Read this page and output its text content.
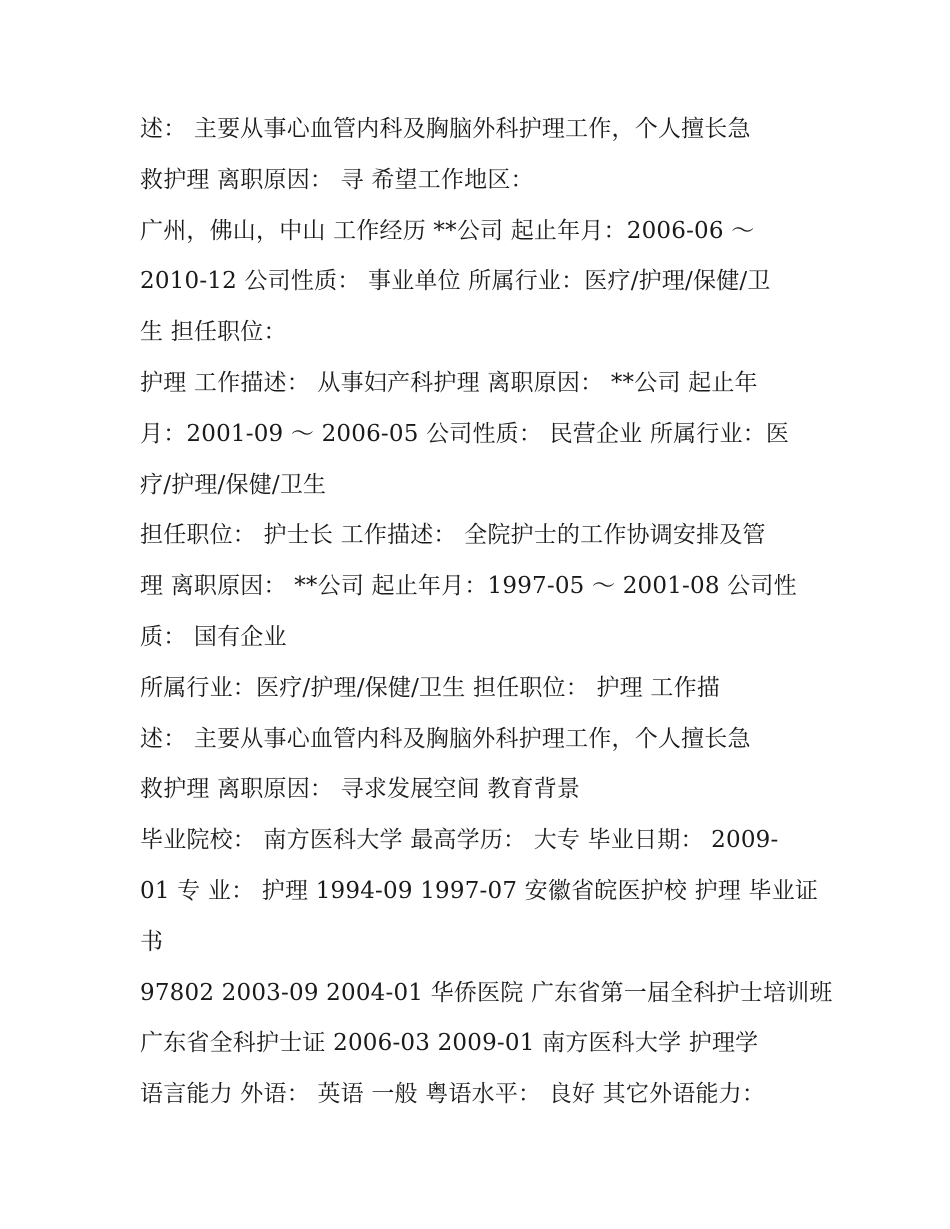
述： 主要从事心血管内科及胸脑外科护理工作，个人擅长急
救护理 离职原因： 寻 希望工作地区：
广州，佛山，中山 工作经历 **公司 起止年月：2006-06 ～
2010-12 公司性质： 事业单位 所属行业：医疗/护理/保健/卫
生 担任职位：
护理 工作描述： 从事妇产科护理 离职原因： **公司 起止年
月：2001-09 ～ 2006-05 公司性质： 民营企业 所属行业：医
疗/护理/保健/卫生
担任职位： 护士长 工作描述： 全院护士的工作协调安排及管
理 离职原因： **公司 起止年月：1997-05 ～ 2001-08 公司性
质： 国有企业
所属行业：医疗/护理/保健/卫生 担任职位： 护理 工作描
述： 主要从事心血管内科及胸脑外科护理工作，个人擅长急
救护理 离职原因： 寻求发展空间 教育背景
毕业院校： 南方医科大学 最高学历： 大专 毕业日期： 2009-
01 专 业： 护理 1994-09 1997-07 安徽省皖医护校 护理 毕业证
书
97802 2003-09 2004-01 华侨医院 广东省第一届全科护士培训班
广东省全科护士证 2006-03 2009-01 南方医科大学 护理学
语言能力 外语： 英语 一般 粤语水平： 良好 其它外语能力：
